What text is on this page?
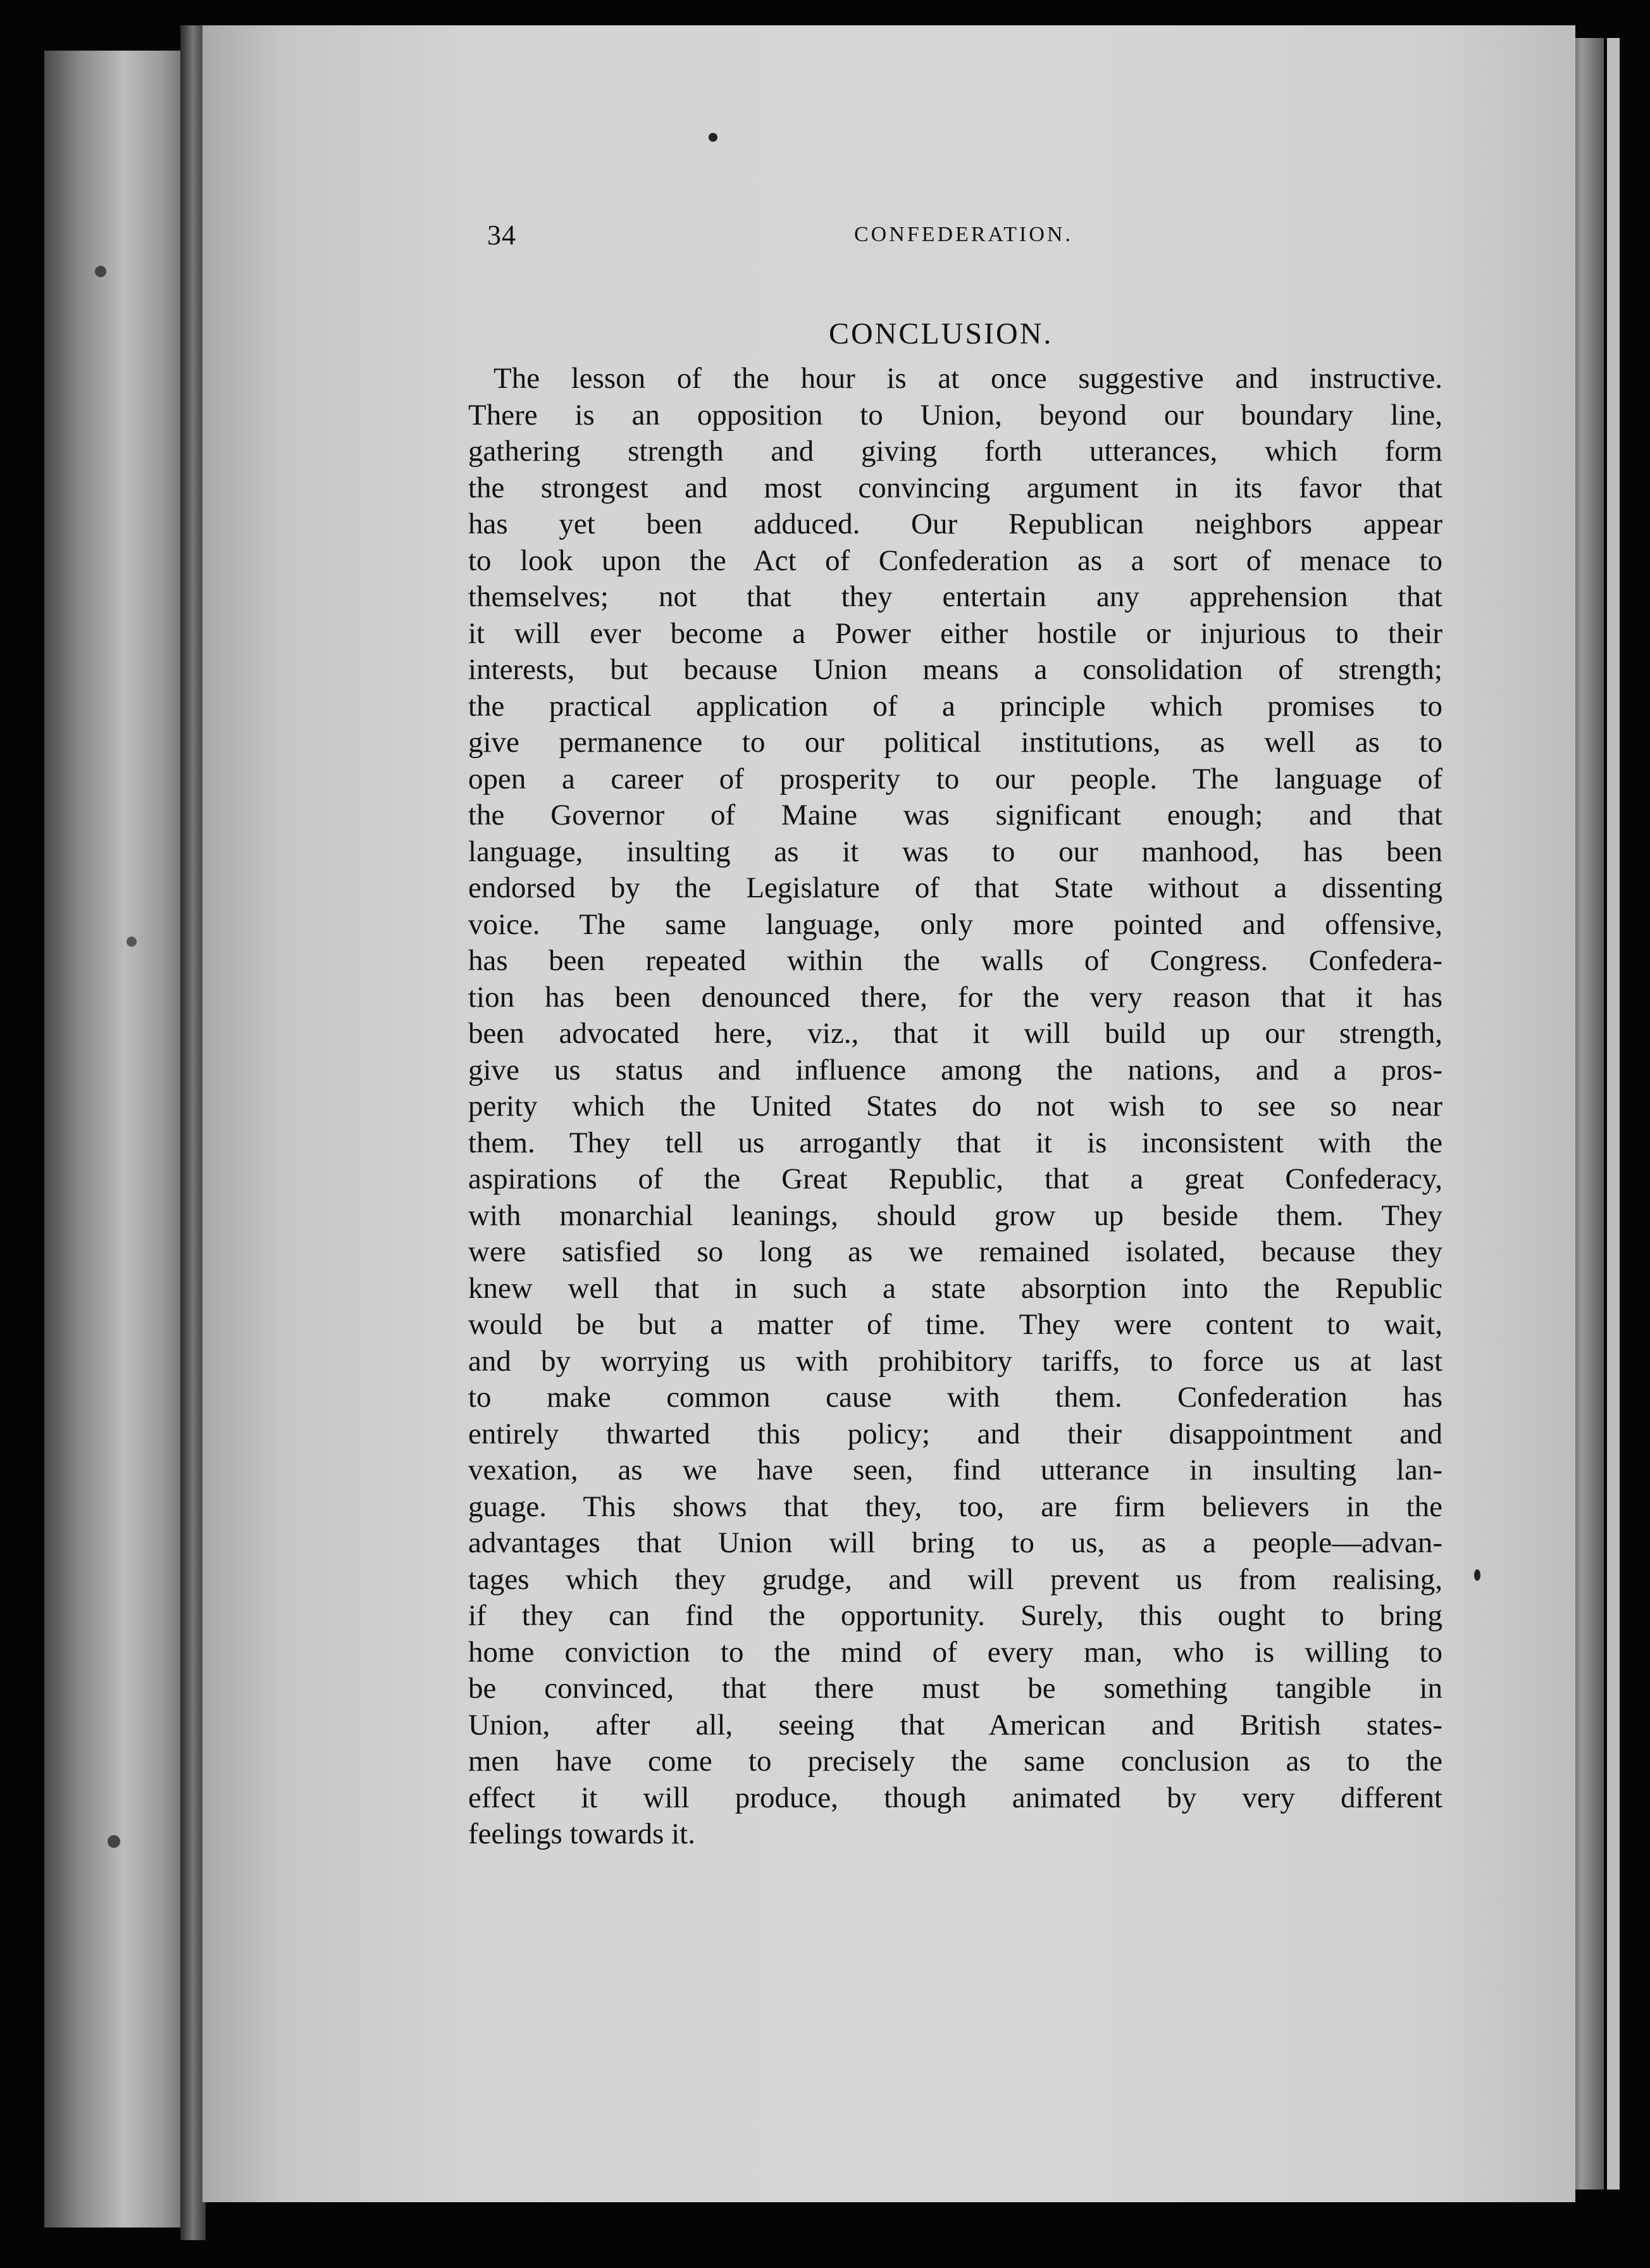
34	CONFEDERATION.
CONCLUSION.
The lesson of the hour is at once suggestive and instructive.
There is an opposition to Union, beyond our boundary line,
gathering strength and giving forth utterances, which form
the strongest and most convincing argument in its favor that
has yet been adduced. Our Republican neighbors appear
to look upon the Act of Confederation as a sort of menace to
themselves; not that they entertain any apprehension that
it will ever become a Power either hostile or injurious to their
interests, but because Union means a consolidation of strength;
the practical application of a principle which promises to
give permanence to our political institutions, as well as to
open a career of prosperity to our people. The language of
the Governor of Maine was significant enough; and that
language, insulting as it was to our manhood, has been
endorsed by the Legislature of that State without a dissenting
voice. The same language, only more pointed and offensive,
has been repeated within the walls of Congress. Confedera-
tion has been denounced there, for the very reason that it has
been advocated here, viz., that it will build up our strength,
give us status and influence among the nations, and a pros-
perity which the United States do not wish to see so near
them. They tell us arrogantly that it is inconsistent with the
aspirations of the Great Republic, that a great Confederacy,
with monarchial leanings, should grow up beside them. They
were satisfied so long as we remained isolated, because they
knew well that in such a state absorption into the Republic
would be but a matter of time. They were content to wait,
and by worrying us with prohibitory tariffs, to force us at last
to make common cause with them. Confederation has
entirely thwarted this policy; and their disappointment and
vexation, as we have seen, find utterance in insulting lan-
guage. This shows that they, too, are firm believers in the
advantages that Union will bring to us, as a people—advan-
tages which they grudge, and will prevent us from realising,
if they can find the opportunity. Surely, this ought to bring
home conviction to the mind of every man, who is willing to
be convinced, that there must be something tangible in
Union, after all, seeing that American and British states-
men have come to precisely the same conclusion as to the
effect it will produce, though animated by very different
feelings towards it.
